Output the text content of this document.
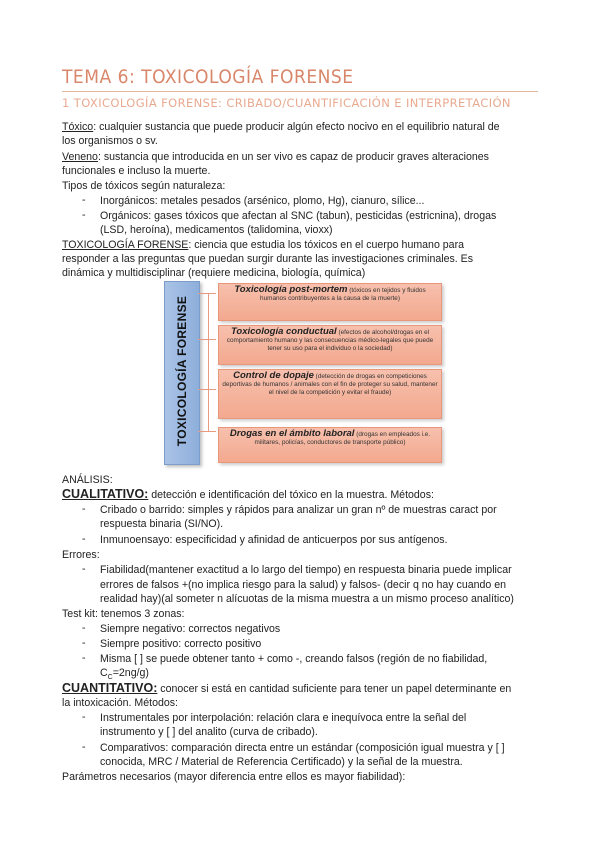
TEMA 6: TOXICOLOGÍA FORENSE
1 TOXICOLOGÍA FORENSE: CRIBADO/CUANTIFICACIÓN E INTERPRETACIÓN
Tóxico: cualquier sustancia que puede producir algún efecto nocivo en el equilibrio natural de
los organismos o sv.
Veneno: sustancia que introducida en un ser vivo es capaz de producir graves alteraciones
funcionales e incluso la muerte.
Tipos de tóxicos según naturaleza:
- Inorgánicos: metales pesados (arsénico, plomo, Hg), cianuro, sílice...
- Orgánicos: gases tóxicos que afectan al SNC (tabun), pesticidas (estricnina), drogas
(LSD, heroína), medicamentos (talidomina, vioxx)
TOXICOLOGÍA FORENSE: ciencia que estudia los tóxicos en el cuerpo humano para
responder a las preguntas que puedan surgir durante las investigaciones criminales. Es
dinámica y multidisciplinar (requiere medicina, biología, química)
TOXICOLOGÍA FORENSE
Toxicología post-mortem (tóxicos en tejidos y fluidos humanos contribuyentes a la causa de la muerte)
Toxicología conductual (efectos de alcohol/drogas en el comportamiento humano y las consecuencias médico-legales que puede tener su uso para el individuo o la sociedad)
Control de dopaje (detección de drogas en competiciones deportivas de humanos / animales con el fin de proteger su salud, mantener el nivel de la competición y evitar el fraude)
Drogas en el ámbito laboral (drogas en empleados i.e. militares, policías, conductores de transporte público)
ANÁLISIS:
CUALITATIVO: detección e identificación del tóxico en la muestra. Métodos:
- Cribado o barrido: simples y rápidos para analizar un gran nº de muestras caract por
respuesta binaria (SI/NO).
- Inmunoensayo: especificidad y afinidad de anticuerpos por sus antígenos.
Errores:
- Fiabilidad(mantener exactitud a lo largo del tiempo) en respuesta binaria puede implicar
errores de falsos +(no implica riesgo para la salud) y falsos- (decir q no hay cuando en
realidad hay)(al someter n alícuotas de la misma muestra a un mismo proceso analítico)
Test kit: tenemos 3 zonas:
- Siempre negativo: correctos negativos
- Siempre positivo: correcto positivo
- Misma [ ] se puede obtener tanto + como -, creando falsos (región de no fiabilidad,
$C_C=2ng/g$)
CUANTITATIVO: conocer si está en cantidad suficiente para tener un papel determinante en
la intoxicación. Métodos:
- Instrumentales por interpolación: relación clara e inequívoca entre la señal del
instrumento y [ ] del analito (curva de cribado).
- Comparativos: comparación directa entre un estándar (composición igual muestra y [ ]
conocida, MRC / Material de Referencia Certificado) y la señal de la muestra.
Parámetros necesarios (mayor diferencia entre ellos es mayor fiabilidad):
